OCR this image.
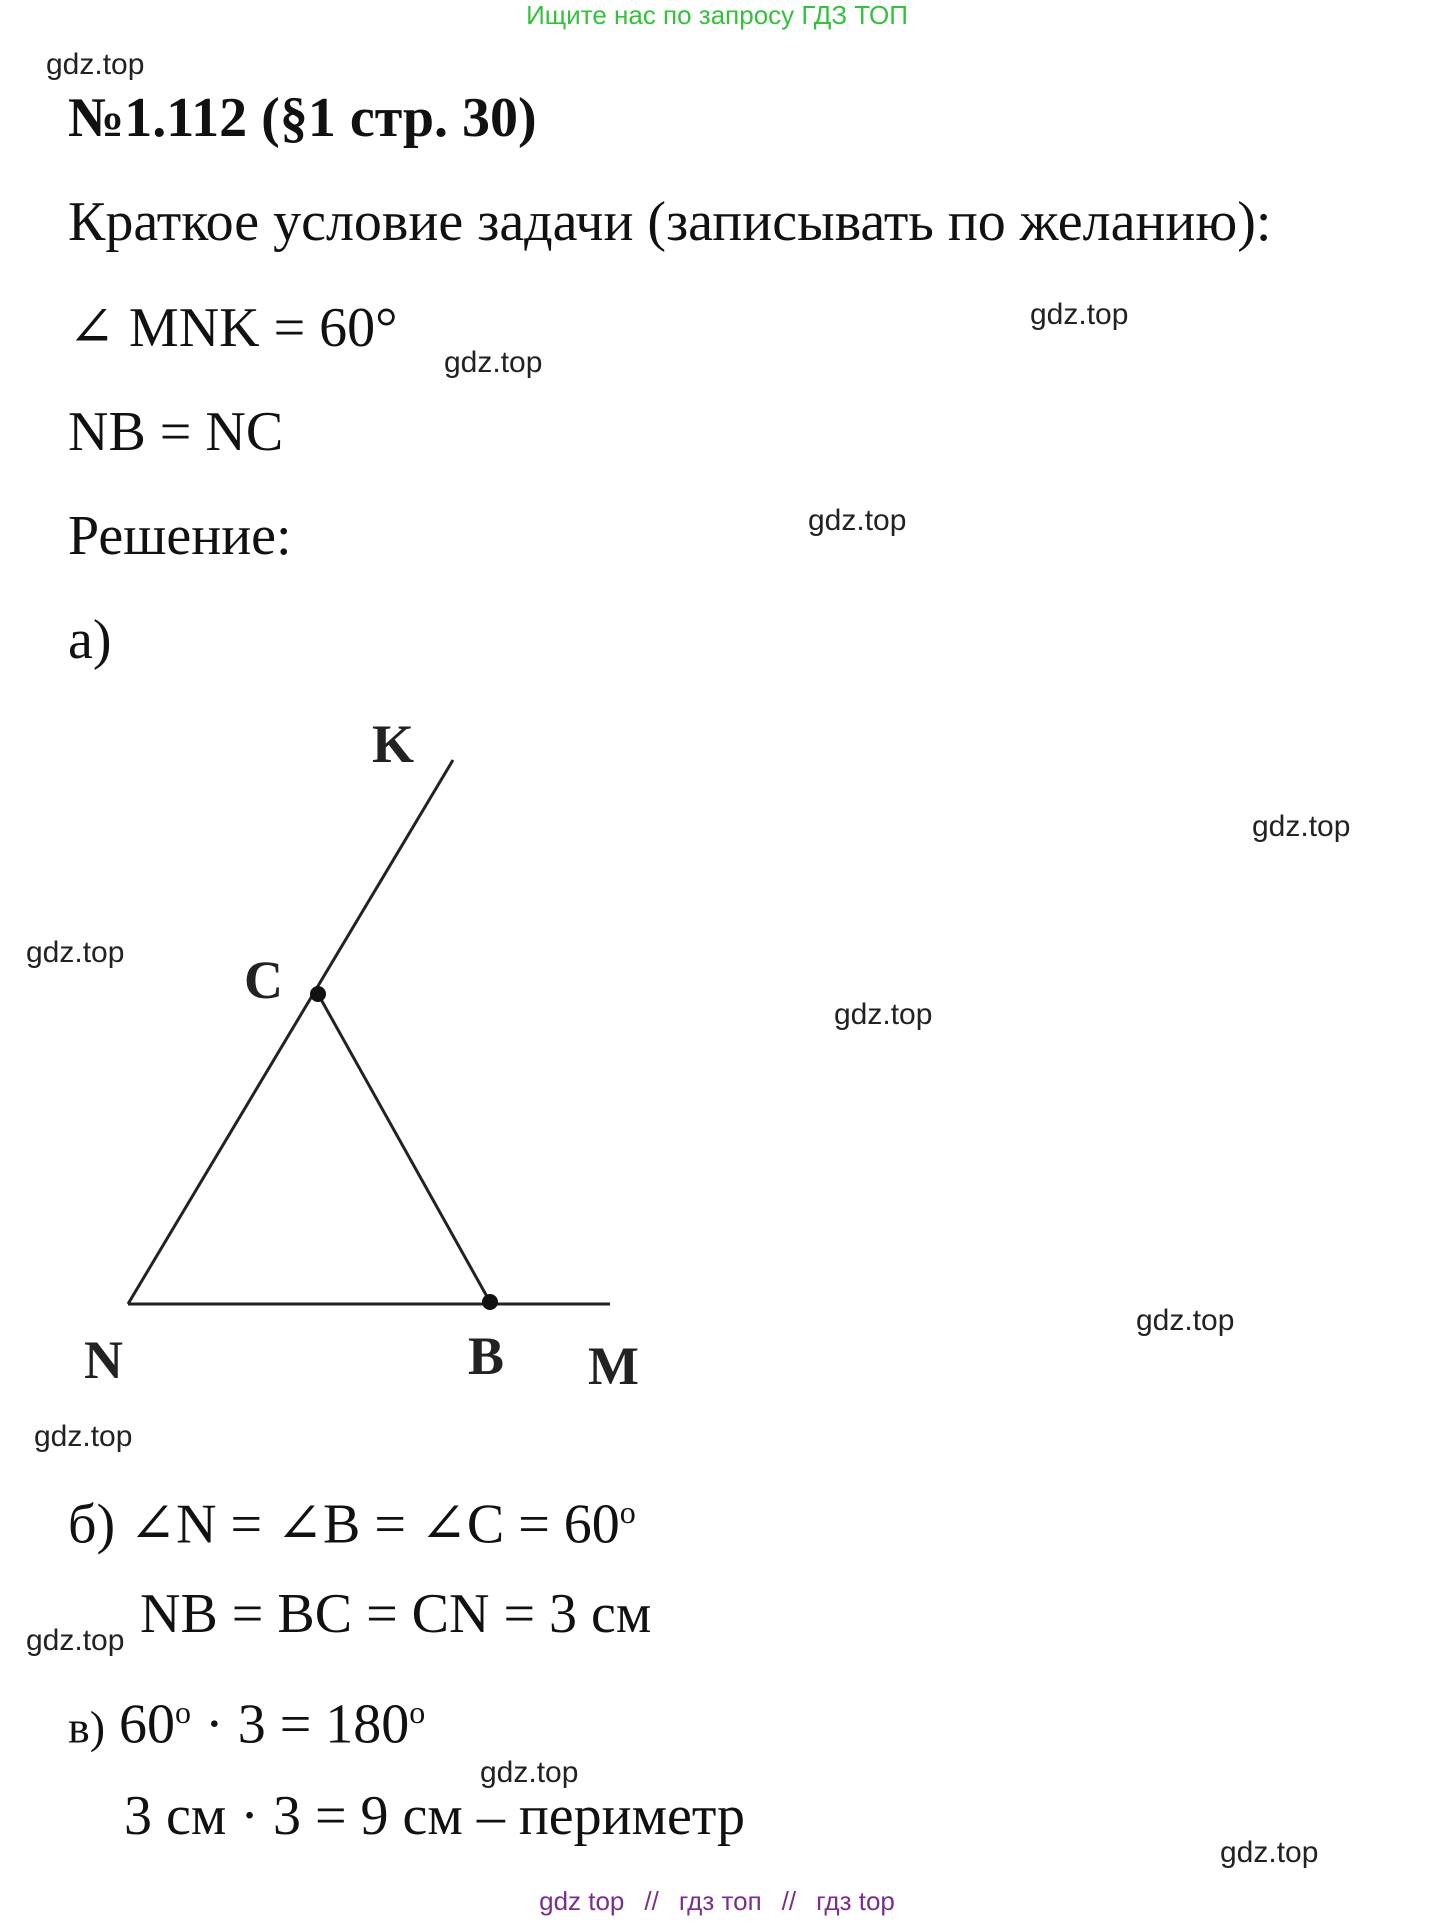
Ищите нас по запросу ГДЗ ТОП
gdz.top
gdz.top
gdz.top
gdz.top
gdz.top
gdz.top
gdz.top
gdz.top
gdz.top
gdz.top
gdz.top
gdz.top
№1.112 (§1 стр. 30)
Краткое условие задачи (записывать по желанию):
∠ MNK = 60°
NB = NC
Решение:
а)
K
C
N	B M
б) ∠N = ∠B = ∠C = $60^o$
NB = BC = CN = 3 см
в) $60^o \cdot 3 = 180^o$
3 см · 3 = 9 см – периметр
gdz top // гдз топ // гдз top
